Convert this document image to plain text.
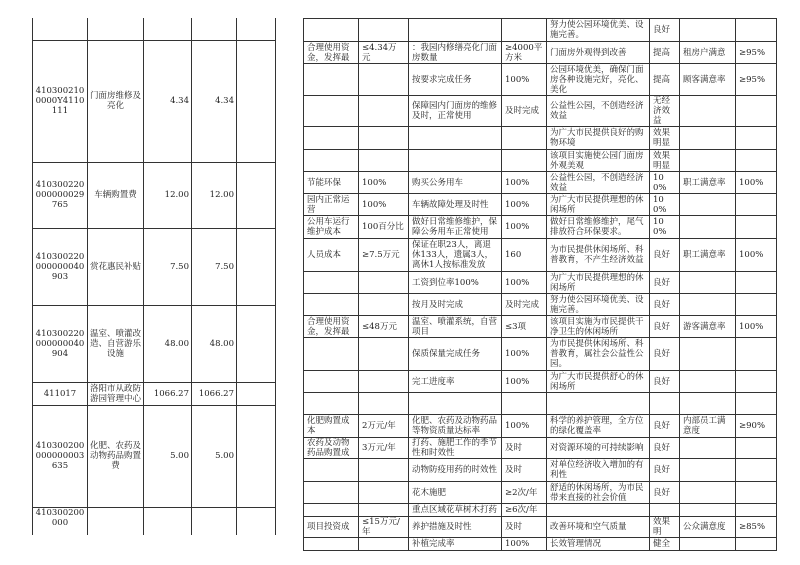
4103002100000Y4110111	门面房维修及亮化	4.34	4.34	
410300220000000029765	车辆购置费	12.00	12.00	
410300220000000040903	赏花惠民补贴	7.50	7.50	
410300220000000040904	温室、喷灌改造、自营游乐设施	48.00	48.00	
411017	洛阳市从政防游园管理中心	1066.27	1066.27	
410300200000000003635	化肥、农药及动物药品购置费	5.00	5.00	
410300200000				
				努力使公园环境优美、设施完善。	良好		
合理使用资金，发挥最	≤4.34万元	：我园内修缮亮化门面房数量	≥4000平方米	门面房外观得到改善	提高	租房户满意	≥95%
		按要求完成任务	100%	公园环境优美，确保门面房各种设施完好，亮化、美化	提高	顾客满意率	≥95%
		保障园内门面房的维修及时，正常使用	及时完成	公益性公园，不创造经济效益	无经济效益		
				为广大市民提供良好的购物环境	效果明显		
				该项目实施使公园门面房外观美观	效果明显		
节能环保	100%	购买公务用车	100%	公益性公园，不创造经济效益	100%	职工满意率	100%
园内正常运营	100%	车辆故障处理及时性	100%	为广大市民提供理想的休闲场所	100%		
公用车运行维护成本	100百分比	做好日常维修维护，保障公务用车正常使用	100%	做好日常维修维护，尾气排放符合环保要求。	100%		
人员成本	≥7.5万元	保证在职23人，离退休133人，遗属3人，离休1人按标准发放	160	为市民提供休闲场所、科普教育，不产生经济效益	良好	职工满意率	100%
		工资到位率100%	100%	为广大市民提供理想的休闲场所	良好		
		按月及时完成	及时完成	努力使公园环境优美、设施完善。	良好		
合理使用资金，发挥最	≤48万元	温室、喷灌系统，自营项目	≤3项	该项目实施为市民提供干净卫生的休闲场所	良好	游客满意率	100%
		保质保量完成任务	100%	为市民提供休闲场所、科普教育，属社会公益性公园。	良好		
		完工进度率	100%	为广大市民提供舒心的休闲场所	良好		

化肥购置成本	2万元/年	化肥、农药及动物药品等物资质量达标率	100%	科学的养护管理，全方位的绿化覆盖率	良好	内部员工满意度	≥90%
农药及动物药品购置成	3万元/年	打药、施肥工作的季节性和时效性	及时	对资源环境的可持续影响	良好		
		动物防疫用药的时效性	及时	对单位经济收入增加的有利性	良好		
		花木施肥	≥2次/年	舒适的休闲场所，为市民带来直接的社会价值	良好		
		重点区域花草树木打药	≥6次/年				
项目投资成	≤15万元/年	养护措施及时性	及时	改善环境和空气质量	效果明	公众满意度	≥85%
		补植完成率	100%	长效管理情况	健全		
